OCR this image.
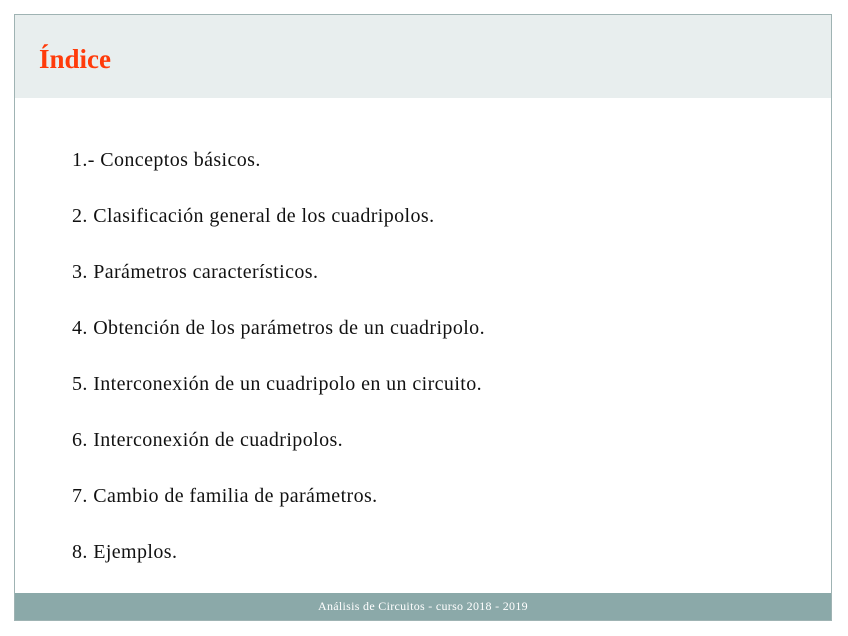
Índice
1.- Conceptos básicos.
2. Clasificación general de los cuadripolos.
3. Parámetros característicos.
4. Obtención de los parámetros de un cuadripolo.
5. Interconexión de un cuadripolo en un circuito.
6. Interconexión de cuadripolos.
7. Cambio de familia de parámetros.
8. Ejemplos.
Análisis de Circuitos - curso 2018 - 2019
